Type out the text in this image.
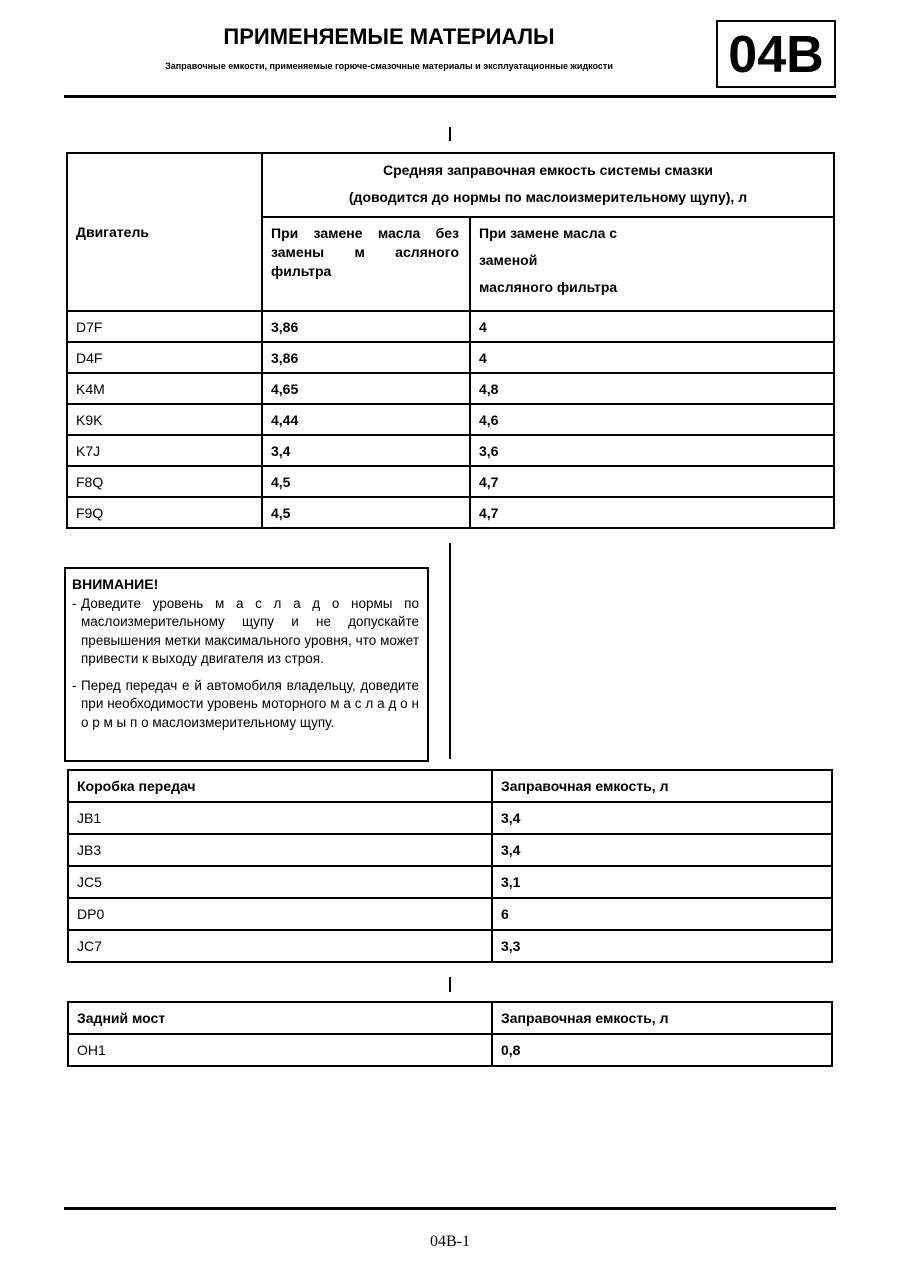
ПРИМЕНЯЕМЫЕ МАТЕРИАЛЫ
Заправочные емкости, применяемые горюче-смазочные материалы и эксплуатационные жидкости	04B
Двигатель	Средняя заправочная емкость системы смазки
(доводится до нормы по маслоизмерительному щупу), л	

	При замене масла без замены м асляного фильтра	При замене масла с
заменой
масляного фильтра

D7F	3,86	4
D4F	3,86	4
K4M	4,65	4,8
K9K	4,44	4,6
K7J	3,4	3,6
F8Q	4,5	4,7
F9Q	4,5	4,7
ВНИМАНИЕ!
- Доведите уровень м а с л а д о нормы по маслоизмерительному щупу и не допускайте превышения метки максимального уровня, что может привести к выходу двигателя из строя.
- Перед передач е й автомобиля владельцу, доведите при необходимости уровень моторного м а с л а д о н о р м ы п о маслоизмерительному щупу.
Коробка передач	Заправочная емкость, л
JB1	3,4
JB3	3,4
JC5	3,1
DP0	6
JC7	3,3
Задний мост	Заправочная емкость, л
OH1	0,8
04B-1
